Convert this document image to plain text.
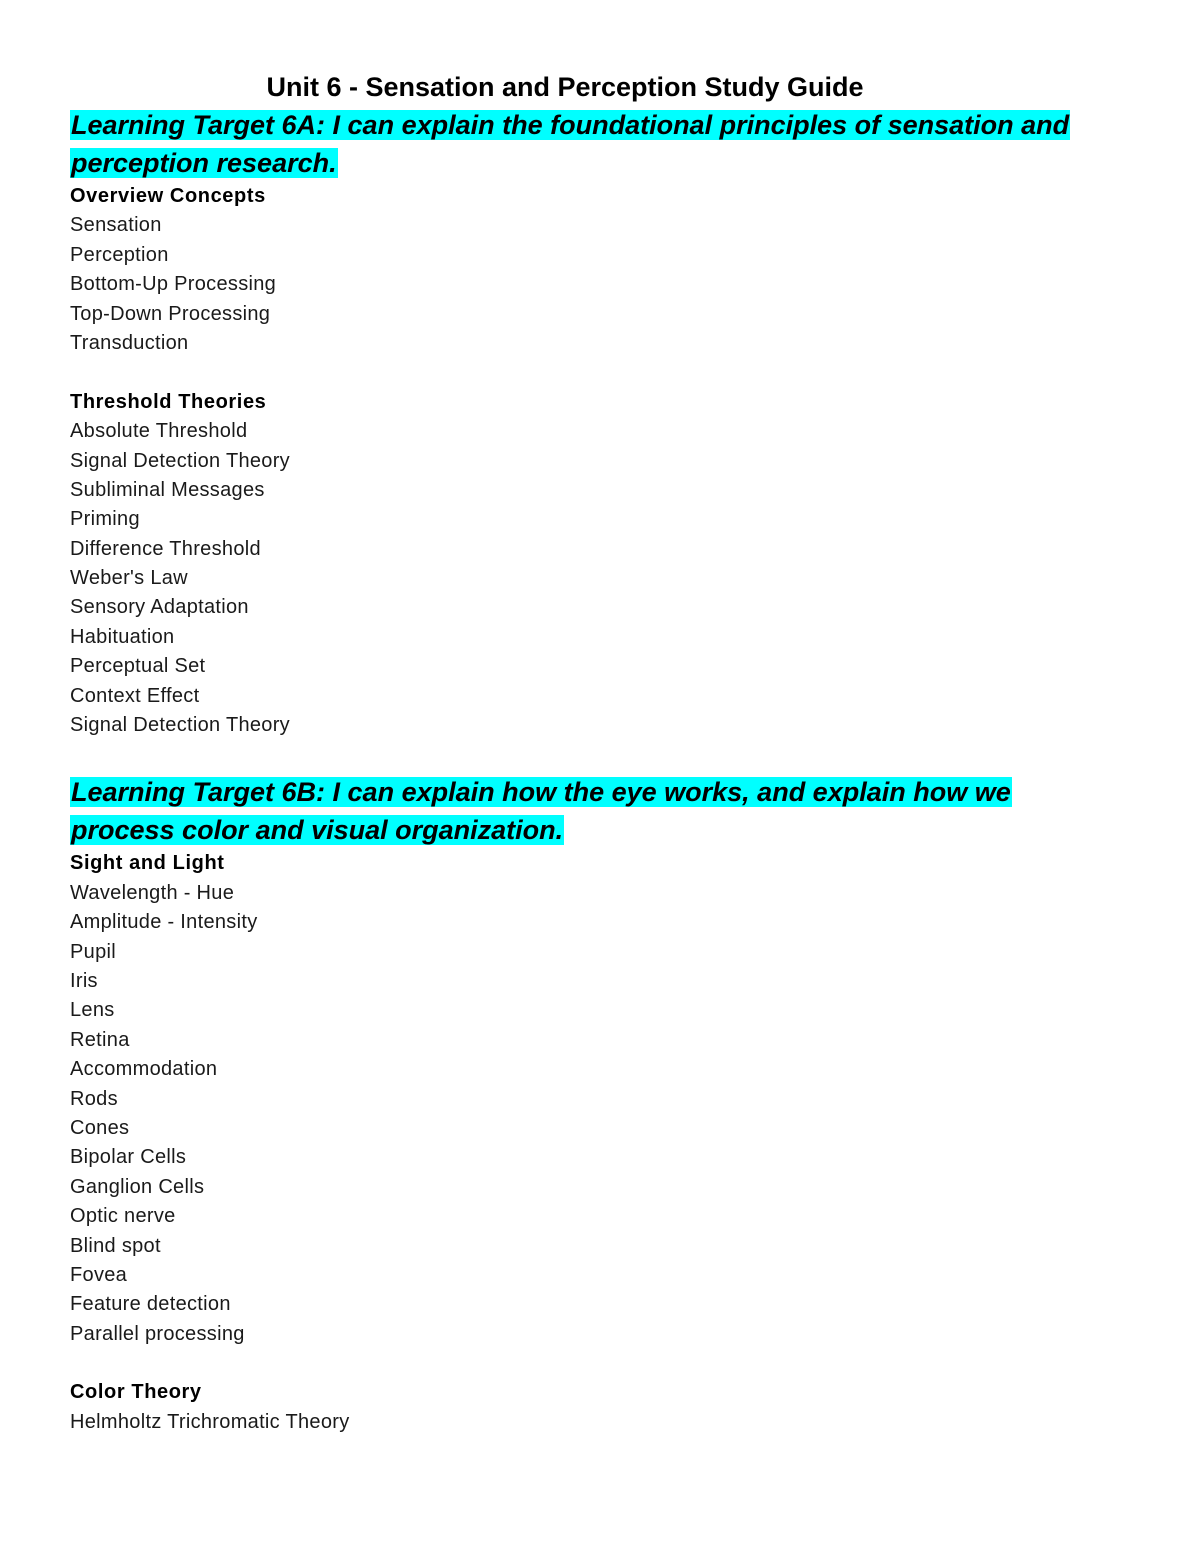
Unit 6 - Sensation and Perception Study Guide

Learning Target 6A: I can explain the foundational principles of sensation and perception research.

Overview Concepts
Sensation
Perception
Bottom-Up Processing
Top-Down Processing
Transduction
Threshold Theories
Absolute Threshold
Signal Detection Theory
Subliminal Messages
Priming
Difference Threshold
Weber's Law
Sensory Adaptation
Habituation
Perceptual Set
Context Effect
Signal Detection Theory

Learning Target 6B: I can explain how the eye works, and explain how we process color and visual organization.

Sight and Light
Wavelength - Hue
Amplitude - Intensity
Pupil
Iris
Lens
Retina
Accommodation
Rods
Cones
Bipolar Cells
Ganglion Cells
Optic nerve
Blind spot
Fovea
Feature detection
Parallel processing
Color Theory
Helmholtz Trichromatic Theory
